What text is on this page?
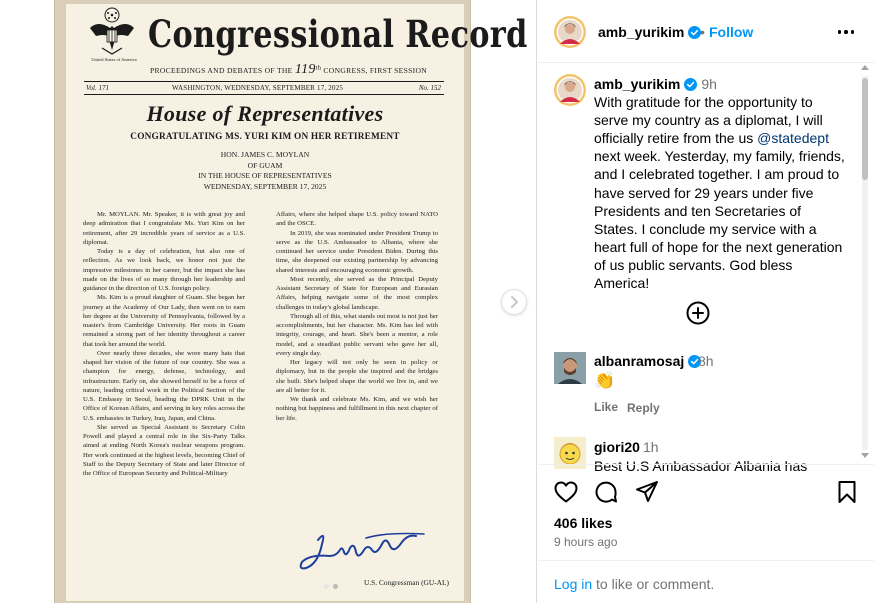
United States of America
Congressional Record
PROCEEDINGS AND DEBATES OF THE 119th CONGRESS, FIRST SESSION
Vol. 171	WASHINGTON, WEDNESDAY, SEPTEMBER 17, 2025	No. 152
House of Representatives
CONGRATULATING MS. YURI KIM ON HER RETIREMENT
HON. JAMES C. MOYLAN
OF GUAM
IN THE HOUSE OF REPRESENTATIVES
WEDNESDAY, SEPTEMBER 17, 2025

Mr. MOYLAN. Mr. Speaker, it is with great joy and deep admiration that I congratulate Ms. Yuri Kim on her retirement, after 29 incredible years of service as a U.S. diplomat.

Today is a day of celebration, but also one of reflection. As we look back, we honor not just the impressive milestones in her career, but the impact she has made on the lives of so many through her leadership and guidance in the direction of U.S. foreign policy.

Ms. Kim is a proud daughter of Guam. She began her journey at the Academy of Our Lady, then went on to earn her degree at the University of Pennsylvania, followed by a master's from Cambridge University. Her roots in Guam remained a strong part of her identity throughout a career that took her around the world.

Over nearly three decades, she wore many hats that shaped her vision of the future of our country. She was a champion for energy, defense, technology, and infrastructure. Early on, she showed herself to be a force of nature, leading critical work in the Political Section of the U.S. Embassy in Seoul, heading the DPRK Unit in the Office of Korean Affairs, and serving in key roles across the U.S. embassies in Turkey, Iraq, Japan, and China.

She served as Special Assistant to Secretary Colin Powell and played a central role in the Six-Party Talks aimed at ending North Korea's nuclear weapons program. Her work continued at the highest levels, becoming Chief of Staff to the Deputy Secretary of State and later Director of the Office of European Security and Political-Military

Affairs, where she helped shape U.S. policy toward NATO and the OSCE.

In 2019, she was nominated under President Trump to serve as the U.S. Ambassador to Albania, where she continued her service under President Biden. During this time, she deepened our existing partnership by advancing shared interests and encouraging economic growth.

Most recently, she served as the Principal Deputy Assistant Secretary of State for European and Eurasian Affairs, helping navigate some of the most complex challenges in today's global landscape.

Through all of this, what stands out most is not just her accomplishments, but her character. Ms. Kim has led with integrity, courage, and heart. She's been a mentor, a role model, and a steadfast public servant who gave her all, every single day.

Her legacy will not only be seen in policy or diplomacy, but in the people she inspired and the bridges she built. She's helped shape the world we live in, and we are all better for it.

We thank and celebrate Ms. Kim, and we wish her nothing but happiness and fulfillment in this next chapter of her life.

U.S. Congressman (GU-AL)
amb_yurikim	• Follow
amb_yurikim 9h
With gratitude for the opportunity to serve my country as a diplomat, I will officially retire from the us @statedept next week. Yesterday, my family, friends, and I celebrated together. I am proud to have served for 29 years under five Presidents and ten Secretaries of States. I conclude my service with a heart full of hope for the next generation of us public servants. God bless America!
albanramosaj 8h
👏
Like Reply
giori20 1h
Best U.S Ambassador Albania has
406 likes
9 hours ago
Log in to like or comment.
